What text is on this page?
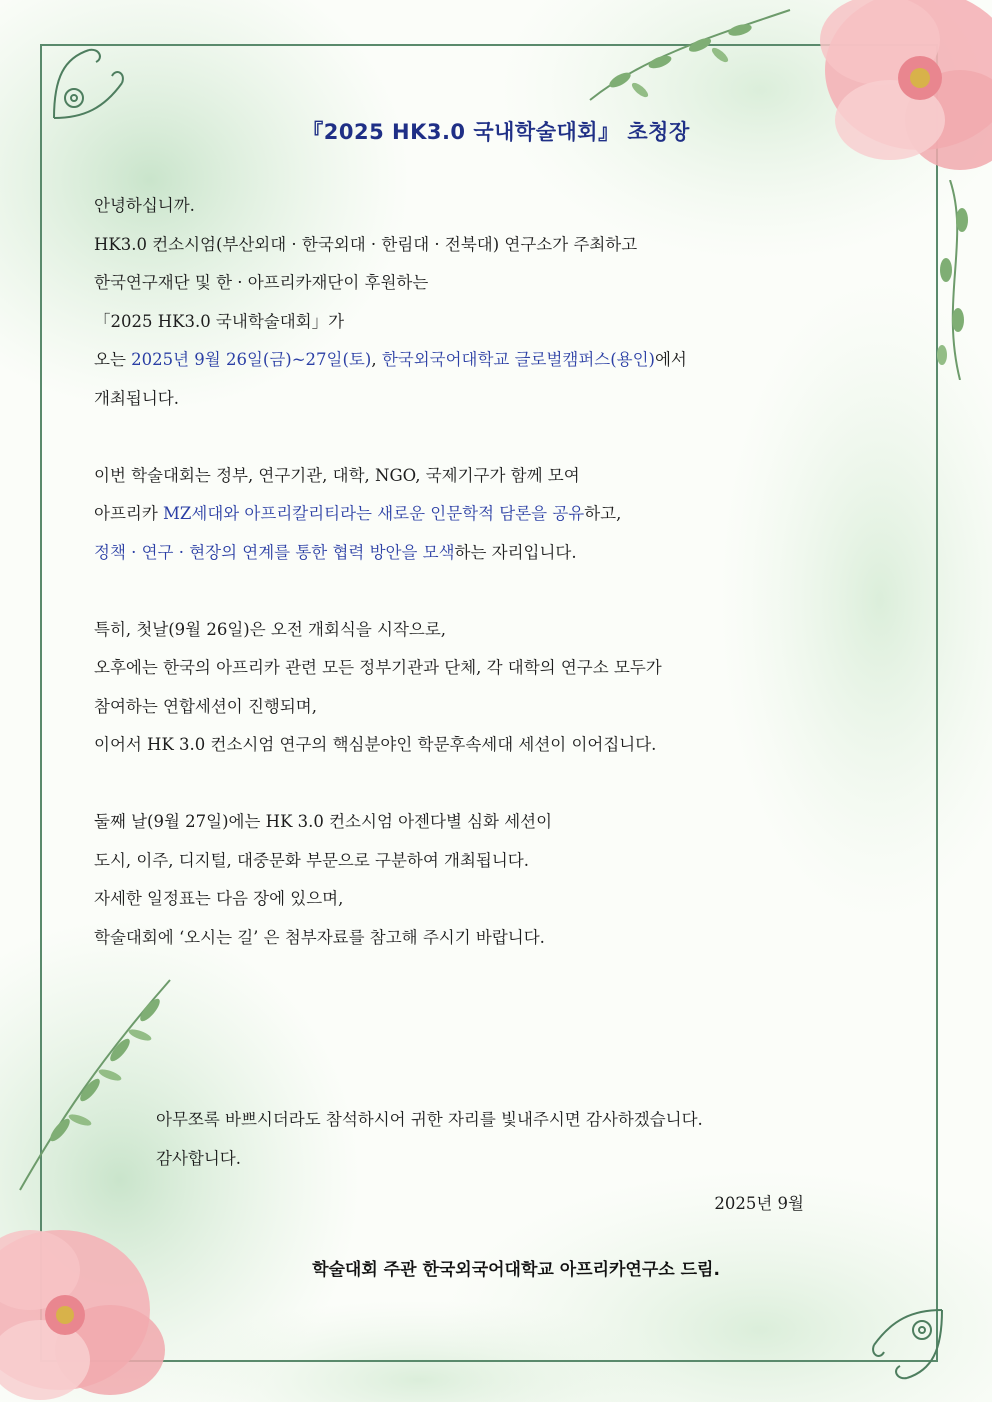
『2025 HK3.0 국내학술대회』 초청장
안녕하십니까.
HK3.0 컨소시엄(부산외대 · 한국외대 · 한림대 · 전북대) 연구소가 주최하고
한국연구재단 및 한 · 아프리카재단이 후원하는
「2025 HK3.0 국내학술대회」가
오는 2025년 9월 26일(금)~27일(토), 한국외국어대학교 글로벌캠퍼스(용인)에서
개최됩니다.
이번 학술대회는 정부, 연구기관, 대학, NGO, 국제기구가 함께 모여
아프리카 MZ세대와 아프리칼리티라는 새로운 인문학적 담론을 공유하고,
정책 · 연구 · 현장의 연계를 통한 협력 방안을 모색하는 자리입니다.
특히, 첫날(9월 26일)은 오전 개회식을 시작으로,
오후에는 한국의 아프리카 관련 모든 정부기관과 단체, 각 대학의 연구소 모두가
참여하는 연합세션이 진행되며,
이어서 HK 3.0 컨소시엄 연구의 핵심분야인 학문후속세대 세션이 이어집니다.
둘째 날(9월 27일)에는 HK 3.0 컨소시엄 아젠다별 심화 세션이
도시, 이주, 디지털, 대중문화 부문으로 구분하여 개최됩니다.
자세한 일정표는 다음 장에 있으며,
학술대회에 ‘오시는 길’ 은 첨부자료를 참고해 주시기 바랍니다.
아무쪼록 바쁘시더라도 참석하시어 귀한 자리를 빛내주시면 감사하겠습니다.
감사합니다.
2025년 9월
학술대회 주관 한국외국어대학교 아프리카연구소 드림.
